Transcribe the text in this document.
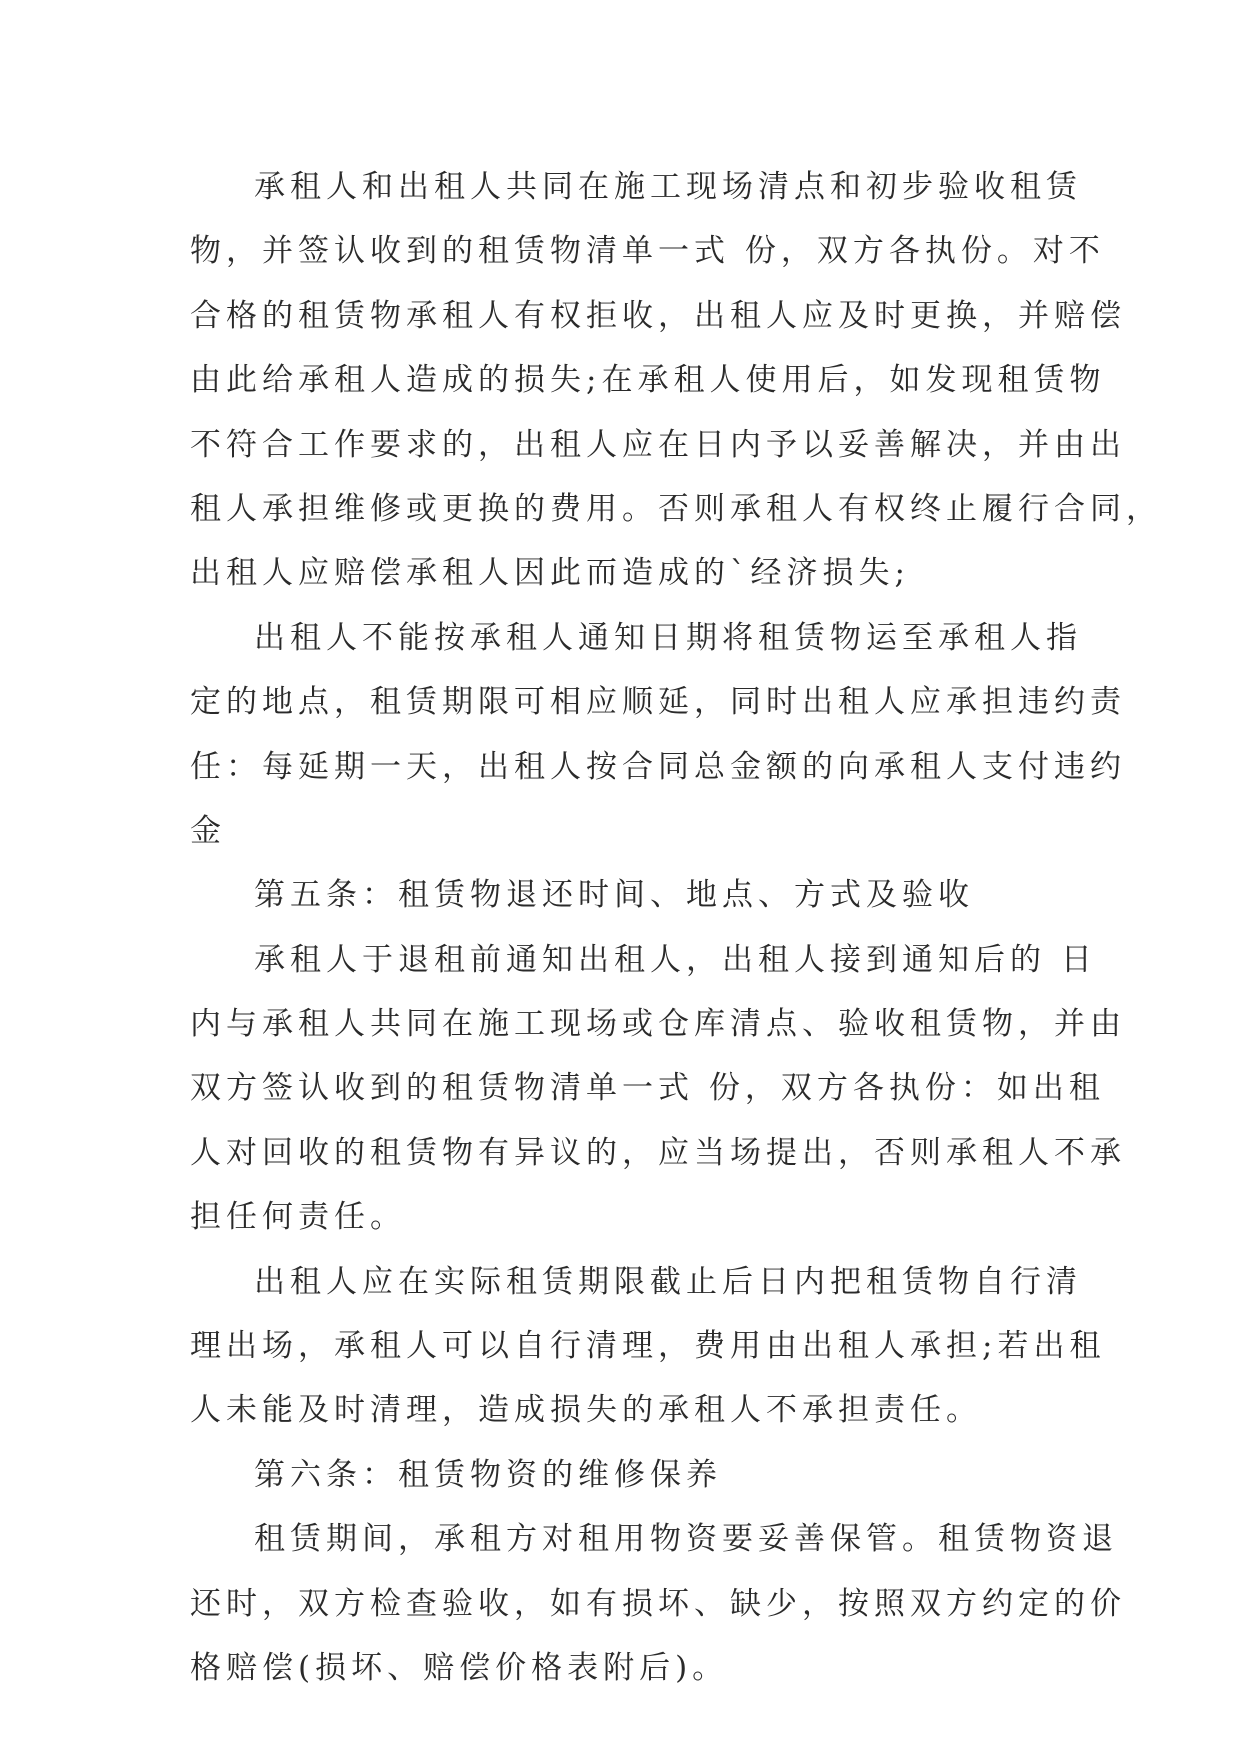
承租人和出租人共同在施工现场清点和初步验收租赁
物，并签认收到的租赁物清单一式 份，双方各执份。对不
合格的租赁物承租人有权拒收，出租人应及时更换，并赔偿
由此给承租人造成的损失;在承租人使用后，如发现租赁物
不符合工作要求的，出租人应在日内予以妥善解决，并由出
租人承担维修或更换的费用。否则承租人有权终止履行合同，
出租人应赔偿承租人因此而造成的`经济损失;
出租人不能按承租人通知日期将租赁物运至承租人指
定的地点，租赁期限可相应顺延，同时出租人应承担违约责
任：每延期一天，出租人按合同总金额的向承租人支付违约
金
第五条：租赁物退还时间、地点、方式及验收
承租人于退租前通知出租人，出租人接到通知后的 日
内与承租人共同在施工现场或仓库清点、验收租赁物，并由
双方签认收到的租赁物清单一式 份，双方各执份：如出租
人对回收的租赁物有异议的，应当场提出，否则承租人不承
担任何责任。
出租人应在实际租赁期限截止后日内把租赁物自行清
理出场，承租人可以自行清理，费用由出租人承担;若出租
人未能及时清理，造成损失的承租人不承担责任。
第六条：租赁物资的维修保养
租赁期间，承租方对租用物资要妥善保管。租赁物资退
还时，双方检查验收，如有损坏、缺少，按照双方约定的价
格赔偿(损坏、赔偿价格表附后)。
